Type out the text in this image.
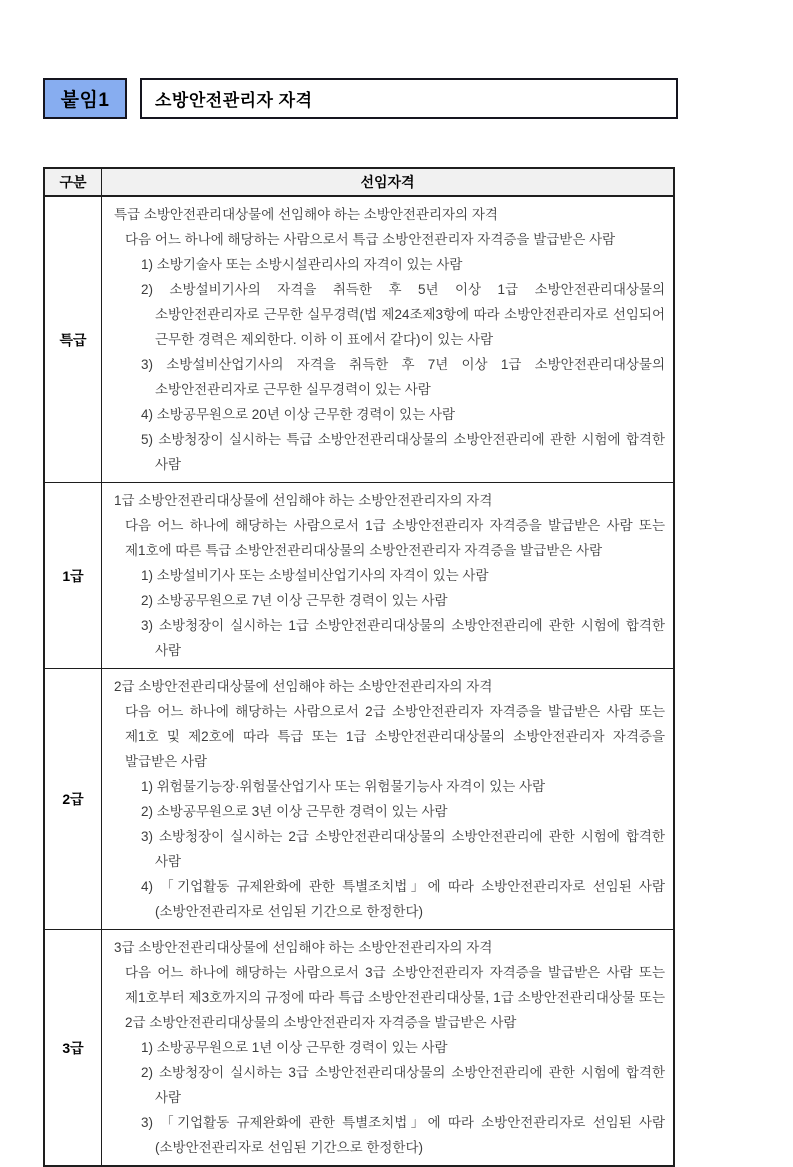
붙임1	소방안전관리자 자격
구분	선임자격
특급

특급 소방안전관리대상물에 선임해야 하는 소방안전관리자의 자격

다음 어느 하나에 해당하는 사람으로서 특급 소방안전관리자 자격증을 발급받은 사람

1) 소방기술사 또는 소방시설관리사의 자격이 있는 사람

2) 소방설비기사의 자격을 취득한 후 5년 이상 1급 소방안전관리대상물의 소방안전관리자로 근무한 실무경력(법 제24조제3항에 따라 소방안전관리자로 선임되어 근무한 경력은 제외한다. 이하 이 표에서 같다)이 있는 사람

3) 소방설비산업기사의 자격을 취득한 후 7년 이상 1급 소방안전관리대상물의 소방안전관리자로 근무한 실무경력이 있는 사람

4) 소방공무원으로 20년 이상 근무한 경력이 있는 사람

5) 소방청장이 실시하는 특급 소방안전관리대상물의 소방안전관리에 관한 시험에 합격한 사람

1급

1급 소방안전관리대상물에 선임해야 하는 소방안전관리자의 자격

다음 어느 하나에 해당하는 사람으로서 1급 소방안전관리자 자격증을 발급받은 사람 또는 제1호에 따른 특급 소방안전관리대상물의 소방안전관리자 자격증을 발급받은 사람

1) 소방설비기사 또는 소방설비산업기사의 자격이 있는 사람

2) 소방공무원으로 7년 이상 근무한 경력이 있는 사람

3) 소방청장이 실시하는 1급 소방안전관리대상물의 소방안전관리에 관한 시험에 합격한 사람

2급

2급 소방안전관리대상물에 선임해야 하는 소방안전관리자의 자격

다음 어느 하나에 해당하는 사람으로서 2급 소방안전관리자 자격증을 발급받은 사람 또는 제1호 및 제2호에 따라 특급 또는 1급 소방안전관리대상물의 소방안전관리자 자격증을 발급받은 사람

1) 위험물기능장·위험물산업기사 또는 위험물기능사 자격이 있는 사람

2) 소방공무원으로 3년 이상 근무한 경력이 있는 사람

3) 소방청장이 실시하는 2급 소방안전관리대상물의 소방안전관리에 관한 시험에 합격한 사람

4) 「기업활동 규제완화에 관한 특별조치법」에 따라 소방안전관리자로 선임된 사람(소방안전관리자로 선임된 기간으로 한정한다)

3급

3급 소방안전관리대상물에 선임해야 하는 소방안전관리자의 자격

다음 어느 하나에 해당하는 사람으로서 3급 소방안전관리자 자격증을 발급받은 사람 또는 제1호부터 제3호까지의 규정에 따라 특급 소방안전관리대상물, 1급 소방안전관리대상물 또는 2급 소방안전관리대상물의 소방안전관리자 자격증을 발급받은 사람

1) 소방공무원으로 1년 이상 근무한 경력이 있는 사람

2) 소방청장이 실시하는 3급 소방안전관리대상물의 소방안전관리에 관한 시험에 합격한 사람

3) 「기업활동 규제완화에 관한 특별조치법」에 따라 소방안전관리자로 선임된 사람(소방안전관리자로 선임된 기간으로 한정한다)
